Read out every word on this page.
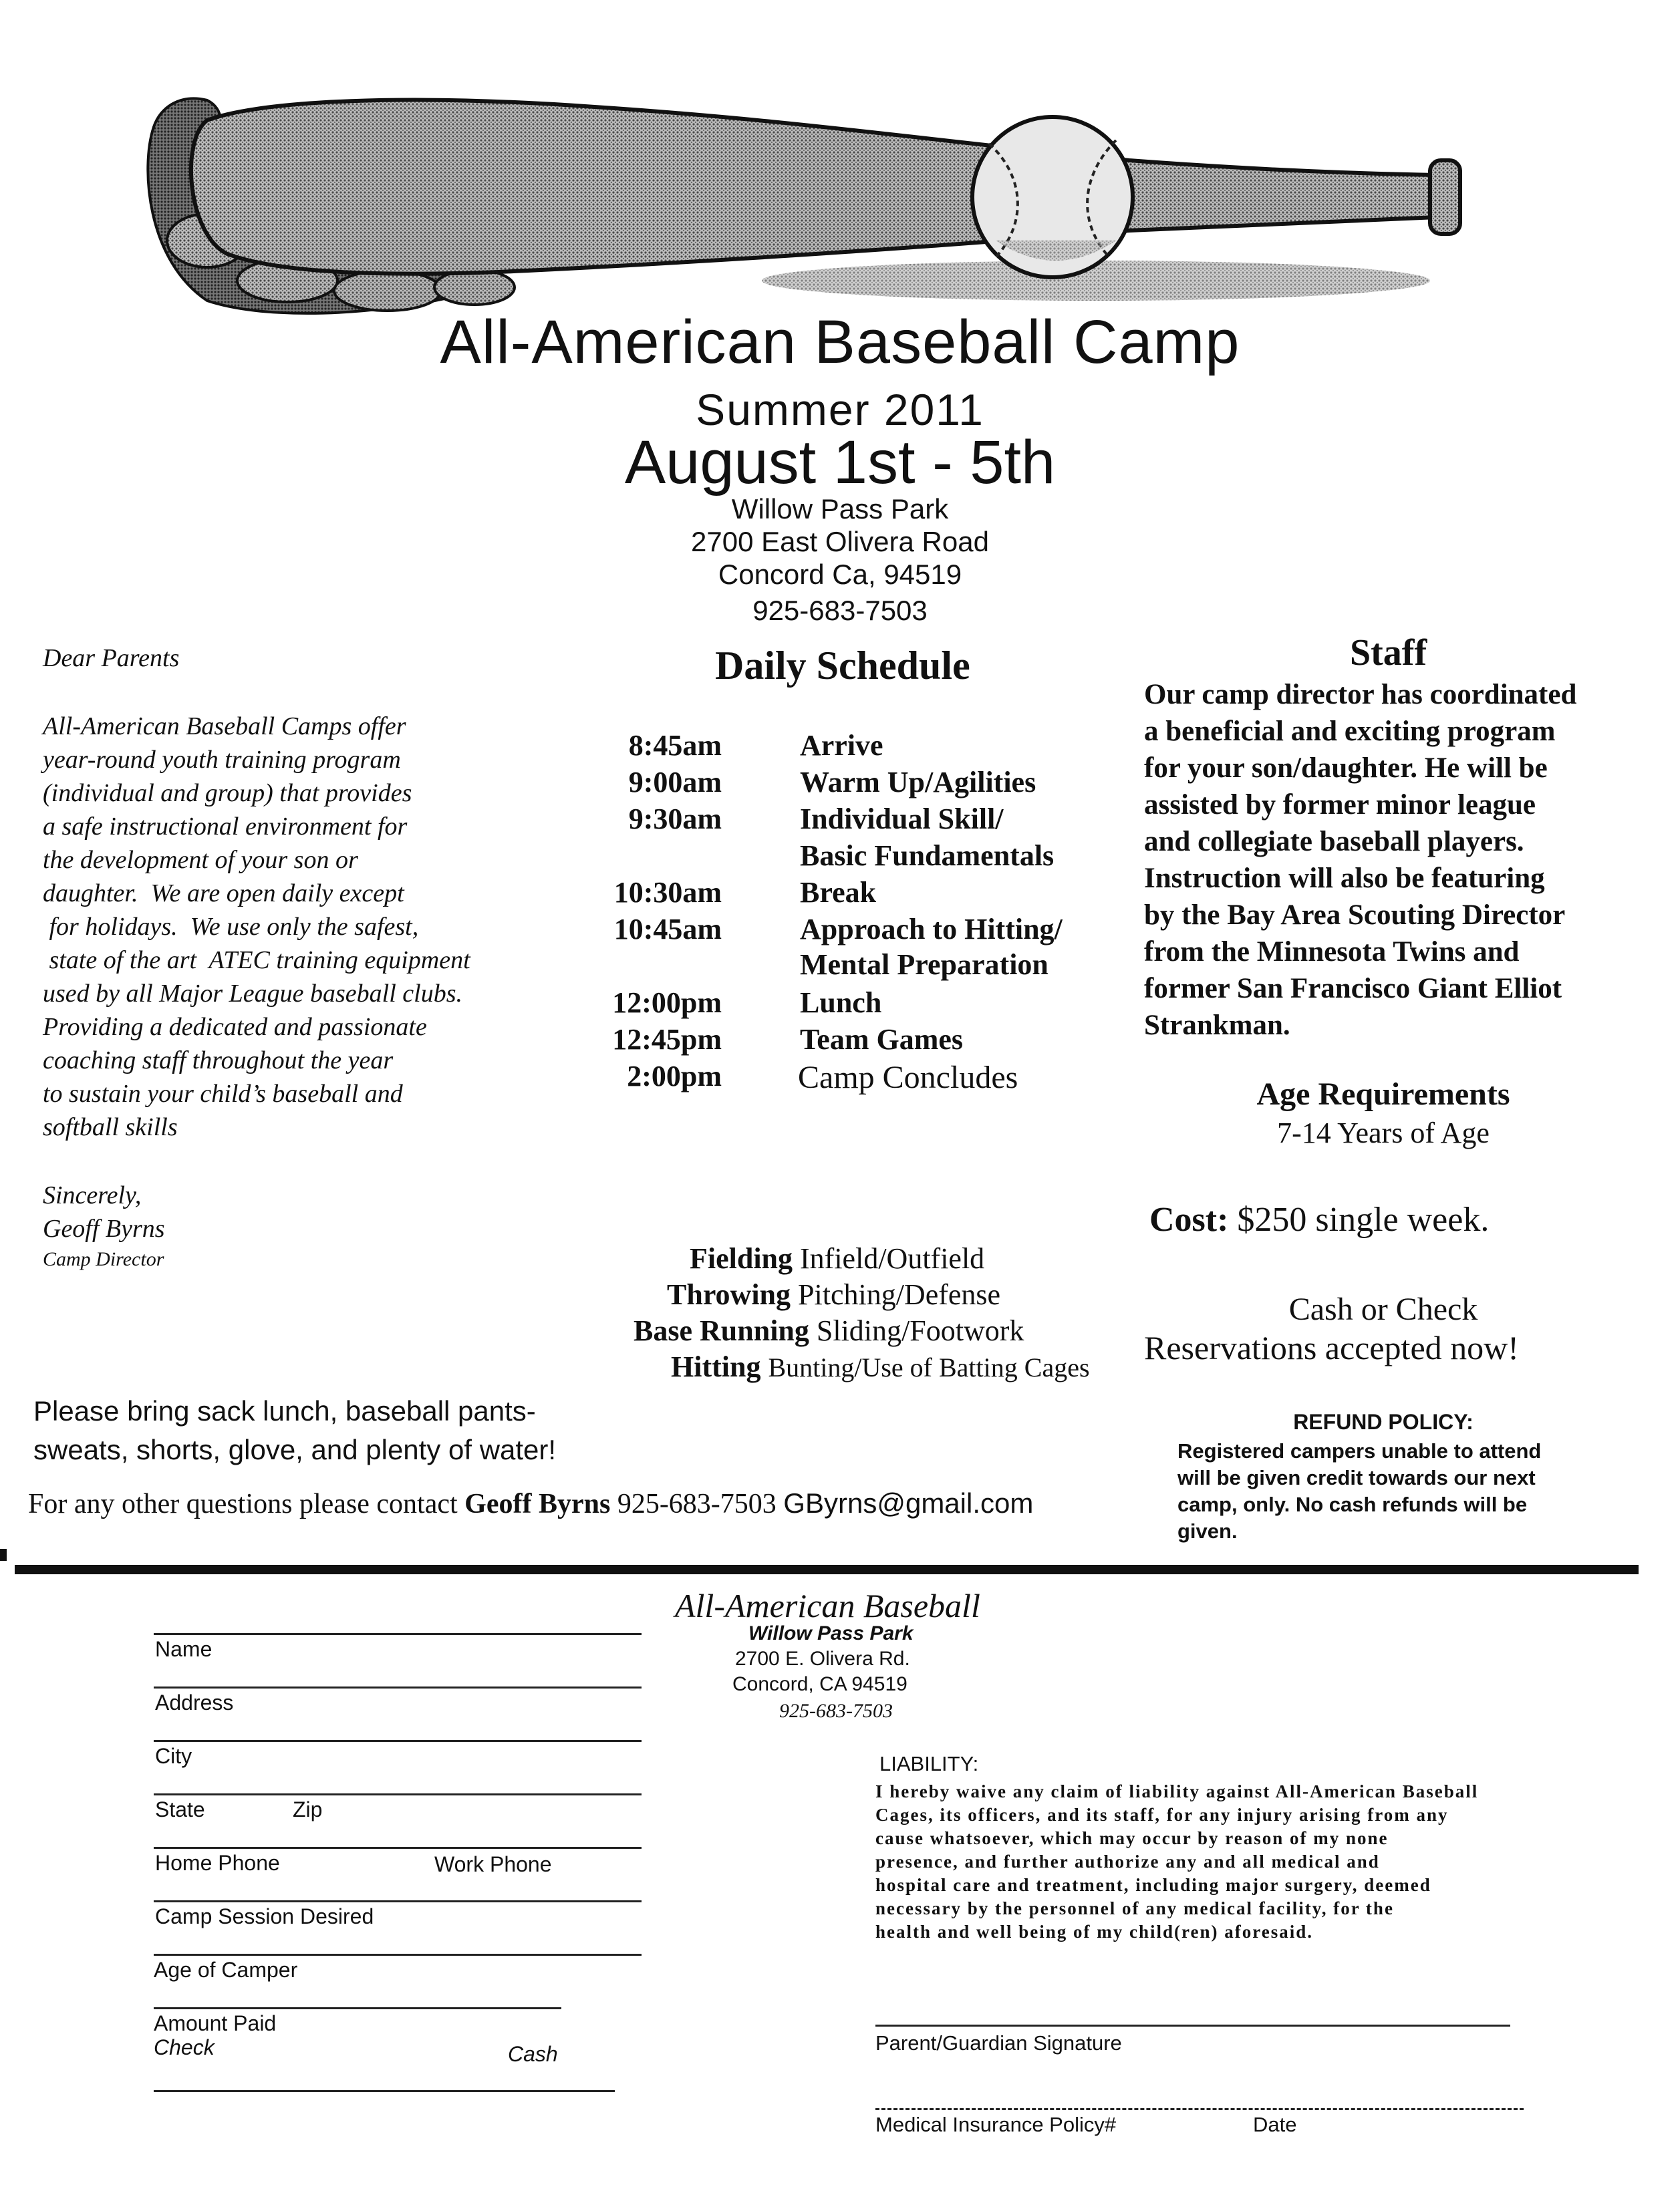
All-American Baseball Camp
Summer 2011
August 1st - 5th
Willow Pass Park
2700 East Olivera Road
Concord Ca, 94519
925-683-7503
Dear Parents
All-American Baseball Camps offer
year-round youth training program
(individual and group) that provides
a safe instructional environment for
the development of your son or
daughter.  We are open daily except
for holidays.  We use only the safest,
state of the art  ATEC training equipment
used by all Major League baseball clubs.
Providing a dedicated and passionate
coaching staff throughout the year
to sustain your child’s baseball and
softball skills
Sincerely,
Geoff Byrns
Camp Director
Daily Schedule
8:45am	Arrive
9:00am	Warm Up/Agilities
9:30am	Individual Skill/
Basic Fundamentals
10:30am	Break
10:45am	Approach to Hitting/
Mental Preparation
12:00pm	Lunch
12:45pm	Team Games
2:00pm Camp Concludes
Fielding Infield/Outfield
Throwing Pitching/Defense
Base Running Sliding/Footwork
Hitting Bunting/Use of Batting Cages
Staff
Our camp director has coordinated
a beneficial and exciting program
for your son/daughter. He will be
assisted by former minor league
and collegiate baseball players.
Instruction will also be featuring
by the Bay Area Scouting Director
from the Minnesota Twins and
former San Francisco Giant Elliot
Strankman.
Age Requirements
7-14 Years of Age
Cost: $250 single week.
Cash or Check
Reservations accepted now!
REFUND POLICY:
Registered campers unable to attend
will be given credit towards our next
camp, only. No cash refunds will be
given.
Please bring sack lunch, baseball pants-
sweats, shorts, glove, and plenty of water!
For any other questions please contact Geoff Byrns 925-683-7503 GByrns@gmail.com
All-American Baseball
Willow Pass Park
2700 E. Olivera Rd.
Concord, CA 94519
925-683-7503
Name
Address
City
State	Zip
Home Phone	Work Phone
Camp Session Desired
Age of Camper
Amount Paid
Check	Cash
LIABILITY:
I hereby waive any claim of liability against All-American Baseball
Cages, its officers, and its staff, for any injury arising from any
cause whatsoever, which may occur by reason of my none
presence, and further authorize any and all medical and
hospital care and treatment, including major surgery, deemed
necessary by the personnel of any medical facility, for the
health and well being of my child(ren) aforesaid.
Parent/Guardian Signature
Medical Insurance Policy#	Date
